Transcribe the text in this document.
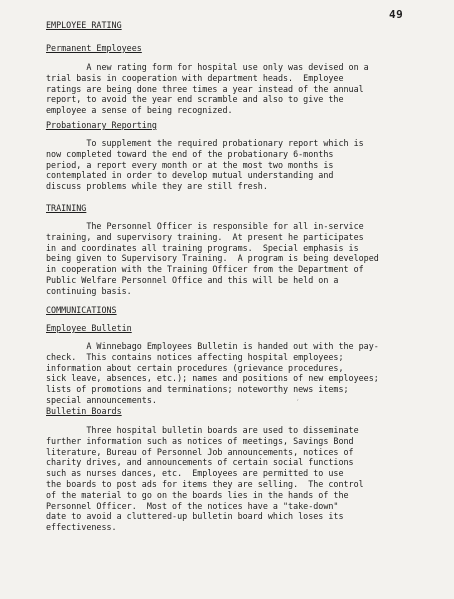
49
EMPLOYEE RATING
Permanent Employees
A new rating form for hospital use only was devised on a
trial basis in cooperation with department heads.  Employee
ratings are being done three times a year instead of the annual
report, to avoid the year end scramble and also to give the
employee a sense of being recognized.
Probationary Reporting
To supplement the required probationary report which is
now completed toward the end of the probationary 6-months
period, a report every month or at the most two months is
contemplated in order to develop mutual understanding and
discuss problems while they are still fresh.
TRAINING
The Personnel Officer is responsible for all in-service
training, and supervisory training.  At present he participates
in and coordinates all training programs.  Special emphasis is
being given to Supervisory Training.  A program is being developed
in cooperation with the Training Officer from the Department of
Public Welfare Personnel Office and this will be held on a
continuing basis.
COMMUNICATIONS
Employee Bulletin
A Winnebago Employees Bulletin is handed out with the pay-
check.  This contains notices affecting hospital employees;
information about certain procedures (grievance procedures,
sick leave, absences, etc.); names and positions of new employees;
lists of promotions and terminations; noteworthy news items;
special announcements.	′
Bulletin Boards
Three hospital bulletin boards are used to disseminate
further information such as notices of meetings, Savings Bond
literature, Bureau of Personnel Job announcements, notices of
charity drives, and announcements of certain social functions
such as nurses dances, etc.  Employees are permitted to use
the boards to post ads for items they are selling.  The control
of the material to go on the boards lies in the hands of the
Personnel Officer.  Most of the notices have a "take-down"
date to avoid a cluttered-up bulletin board which loses its
effectiveness.
